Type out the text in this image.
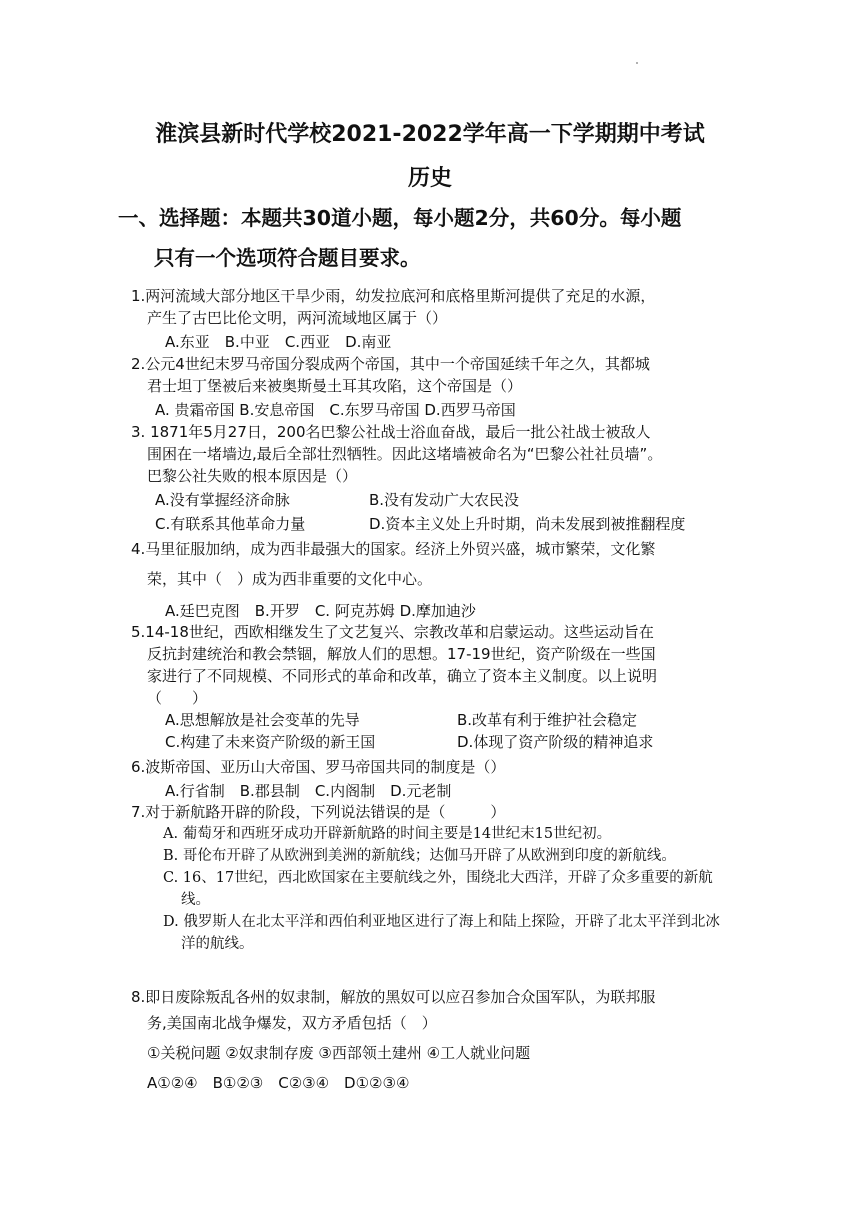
淮滨县新时代学校2021-2022学年高一下学期期中考试
历史
一、选择题：本题共30道小题，每小题2分，共60分。每小题
只有一个选项符合题目要求。
1.两河流域大部分地区干旱少雨，幼发拉底河和底格里斯河提供了充足的水源，
产生了古巴比伦文明，两河流域地区属于（）
A.东亚　B.中亚　C.西亚　D.南亚
2.公元4世纪末罗马帝国分裂成两个帝国，其中一个帝国延续千年之久，其都城
君士坦丁堡被后来被奥斯曼土耳其攻陷，这个帝国是（）
A. 贵霜帝国 B.安息帝国　C.东罗马帝国 D.西罗马帝国
3. 1871年5月27日，200名巴黎公社战士浴血奋战，最后一批公社战士被敌人
围困在一堵墙边,最后全部壮烈牺牲。因此这堵墙被命名为“巴黎公社社员墙”。
巴黎公社失败的根本原因是（）
A.没有掌握经济命脉	B.没有发动广大农民没
C.有联系其他革命力量	D.资本主义处上升时期，尚未发展到被推翻程度
4.马里征服加纳，成为西非最强大的国家。经济上外贸兴盛，城市繁荣，文化繁
荣，其中（　）成为西非重要的文化中心。
A.廷巴克图　B.开罗　C. 阿克苏姆 D.摩加迪沙
5.14-18世纪，西欧相继发生了文艺复兴、宗教改革和启蒙运动。这些运动旨在
反抗封建统治和教会禁锢，解放人们的思想。17-19世纪，资产阶级在一些国
家进行了不同规模、不同形式的革命和改革，确立了资本主义制度。以上说明
（　　）
A.思想解放是社会变革的先导	B.改革有利于维护社会稳定
C.构建了未来资产阶级的新王国	D.体现了资产阶级的精神追求
6.波斯帝国、亚历山大帝国、罗马帝国共同的制度是（）
A.行省制　B.郡县制　C.内阁制　D.元老制
7.对于新航路开辟的阶段，下列说法错误的是（　　　）
A. 葡萄牙和西班牙成功开辟新航路的时间主要是14世纪末15世纪初。
B. 哥伦布开辟了从欧洲到美洲的新航线；达伽马开辟了从欧洲到印度的新航线。
C. 16、17世纪，西北欧国家在主要航线之外，围绕北大西洋，开辟了众多重要的新航线。
D. 俄罗斯人在北太平洋和西伯利亚地区进行了海上和陆上探险，开辟了北太平洋到北冰洋的航线。
8.即日废除叛乱各州的奴隶制，解放的黑奴可以应召参加合众国军队，为联邦服
务,美国南北战争爆发，双方矛盾包括（　）
①关税问题 ②奴隶制存废 ③西部领土建州 ④工人就业问题
A①②④　B①②③　C②③④　D①②③④
